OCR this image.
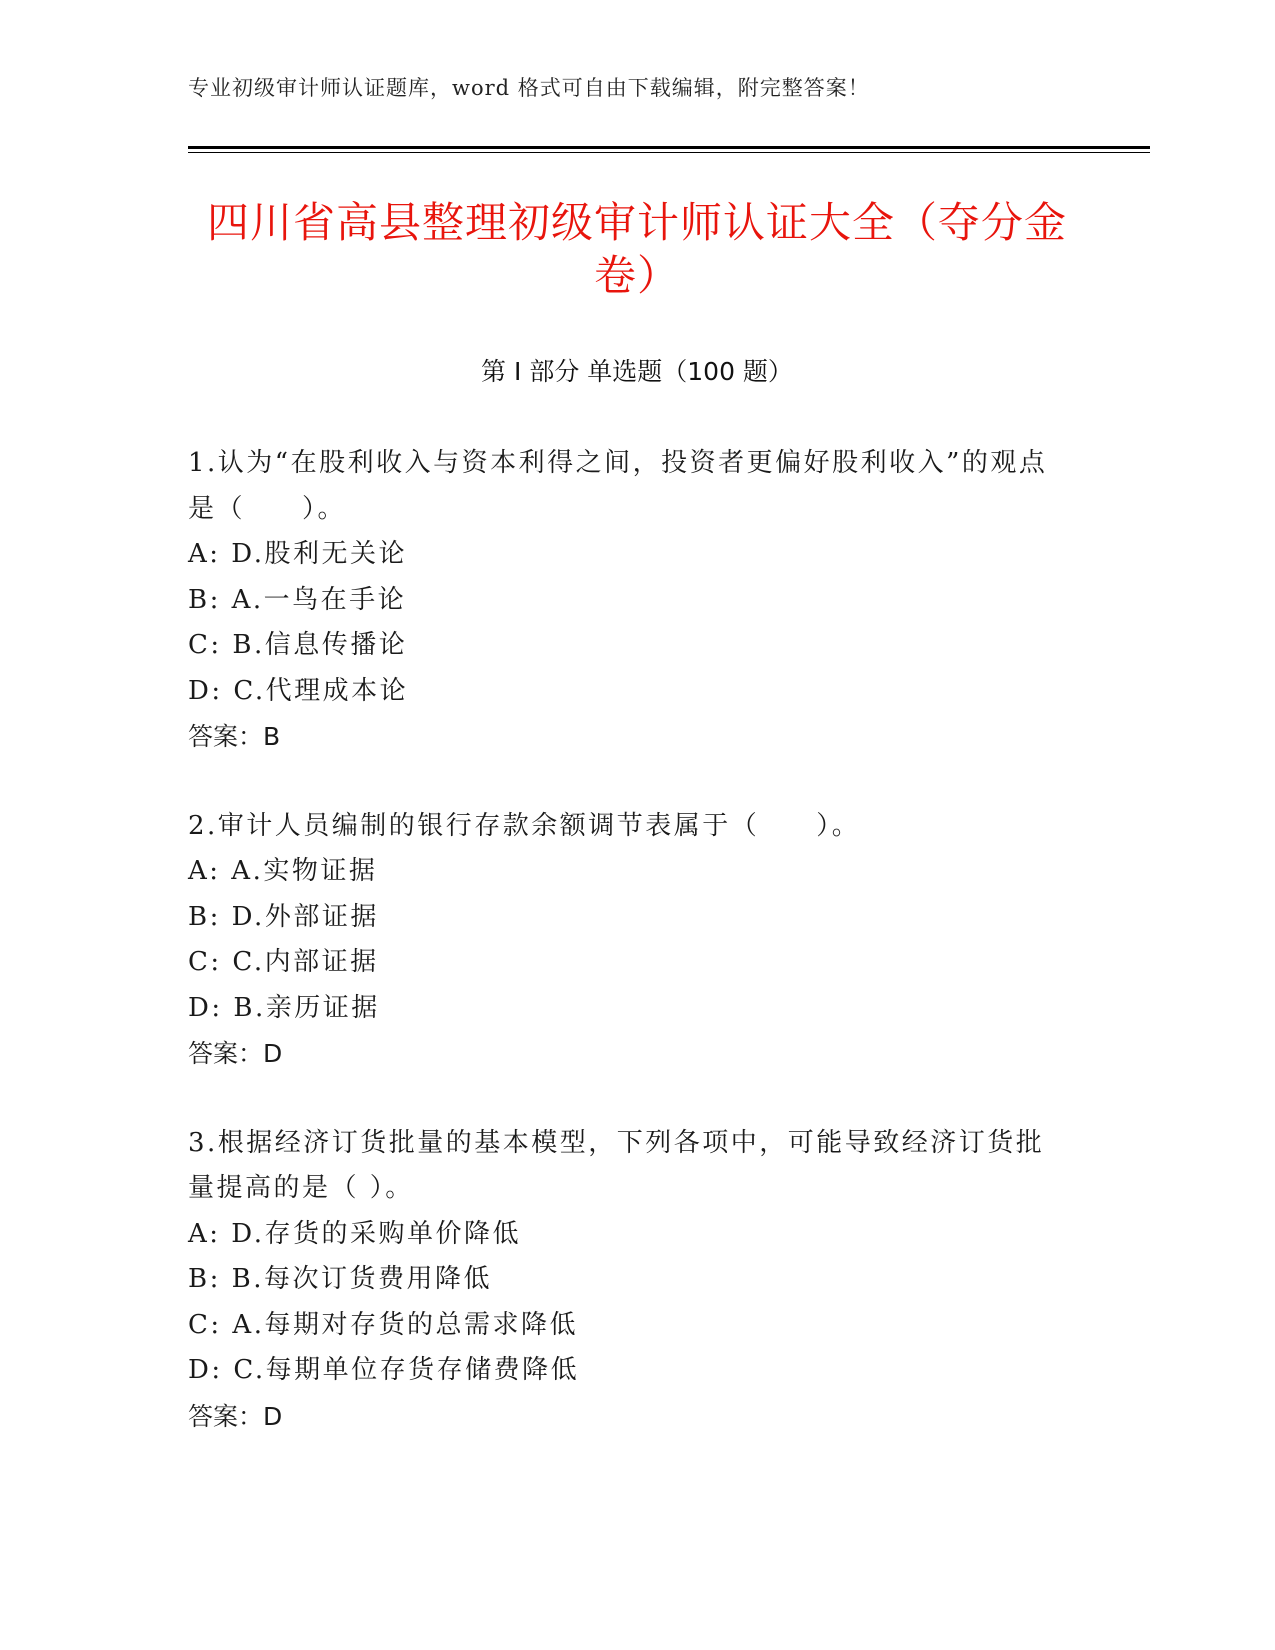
专业初级审计师认证题库，word 格式可自由下载编辑，附完整答案！
四川省高县整理初级审计师认证大全（夺分金卷）
第 I 部分 单选题（100 题）

1.认为“在股利收入与资本利得之间，投资者更偏好股利收入”的观点是（　　）。

A: D.股利无关论
B: A.一鸟在手论
C: B.信息传播论
D: C.代理成本论

答案：B

2.审计人员编制的银行存款余额调节表属于（　　）。

A: A.实物证据
B: D.外部证据
C: C.内部证据
D: B.亲历证据

答案：D

3.根据经济订货批量的基本模型，下列各项中，可能导致经济订货批量提高的是（ ）。

A: D.存货的采购单价降低
B: B.每次订货费用降低
C: A.每期对存货的总需求降低
D: C.每期单位存货存储费降低

答案：D
